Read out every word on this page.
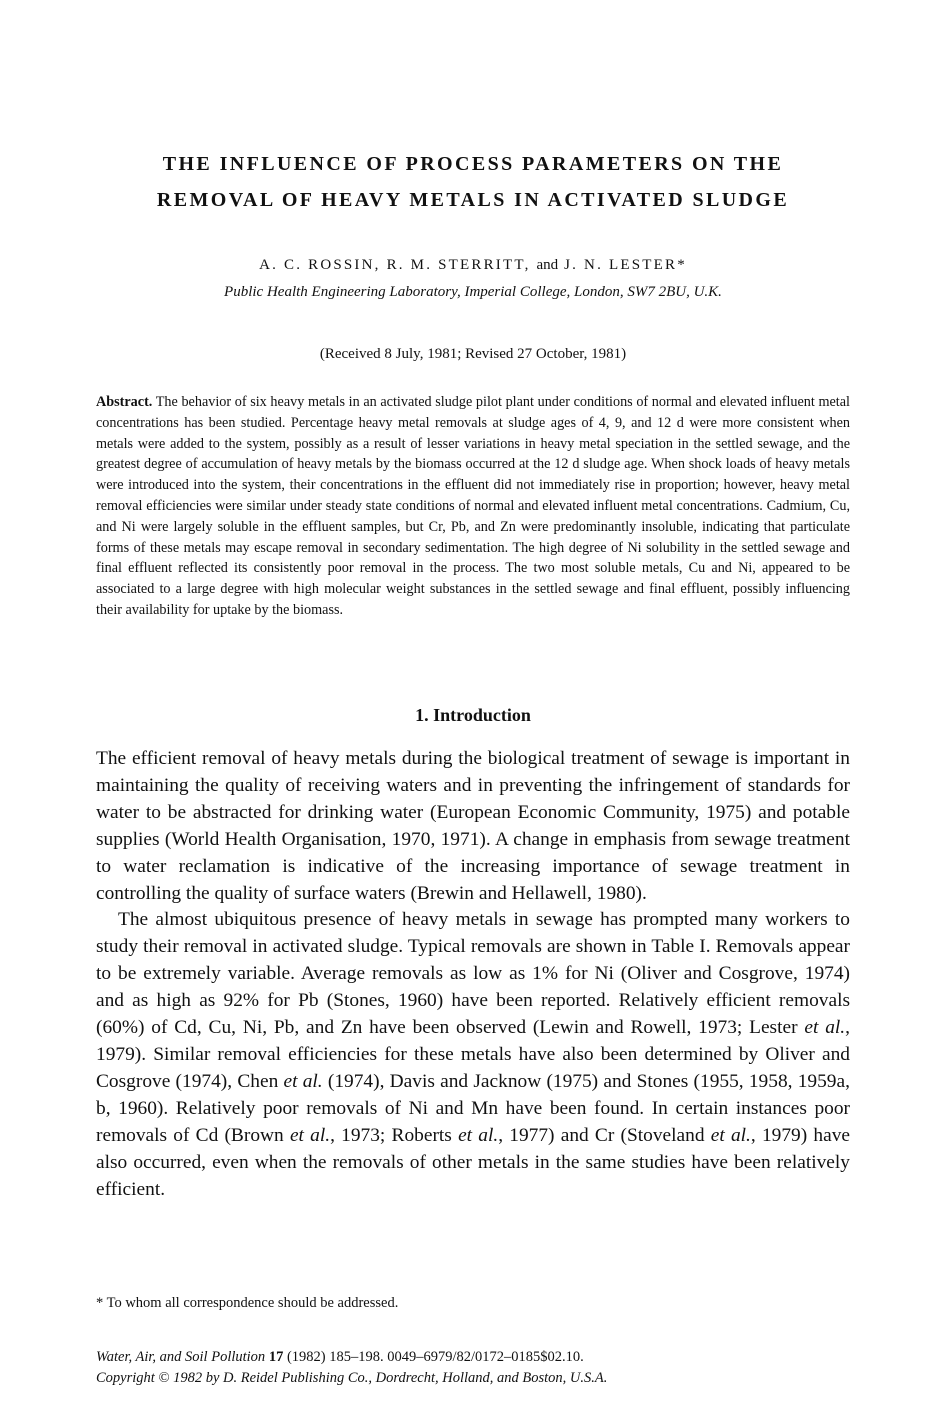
THE INFLUENCE OF PROCESS PARAMETERS ON THE
REMOVAL OF HEAVY METALS IN ACTIVATED SLUDGE
A. C. ROSSIN, R. M. STERRITT, and J. N. LESTER*
Public Health Engineering Laboratory, Imperial College, London, SW7 2BU, U.K.
(Received 8 July, 1981; Revised 27 October, 1981)

Abstract. The behavior of six heavy metals in an activated sludge pilot plant under conditions of normal and elevated influent metal concentrations has been studied. Percentage heavy metal removals at sludge ages of 4, 9, and 12 d were more consistent when metals were added to the system, possibly as a result of lesser variations in heavy metal speciation in the settled sewage, and the greatest degree of accumulation of heavy metals by the biomass occurred at the 12 d sludge age. When shock loads of heavy metals were introduced into the system, their concentrations in the effluent did not immediately rise in proportion; however, heavy metal removal efficiencies were similar under steady state conditions of normal and elevated influent metal concentrations. Cadmium, Cu, and Ni were largely soluble in the effluent samples, but Cr, Pb, and Zn were predominantly insoluble, indicating that particulate forms of these metals may escape removal in secondary sedimentation. The high degree of Ni solubility in the settled sewage and final effluent reflected its consistently poor removal in the process. The two most soluble metals, Cu and Ni, appeared to be associated to a large degree with high molecular weight substances in the settled sewage and final effluent, possibly influencing their availability for uptake by the biomass.

1. Introduction

The efficient removal of heavy metals during the biological treatment of sewage is important in maintaining the quality of receiving waters and in preventing the infringement of standards for water to be abstracted for drinking water (European Economic Community, 1975) and potable supplies (World Health Organisation, 1970, 1971). A change in emphasis from sewage treatment to water reclamation is indicative of the increasing importance of sewage treatment in controlling the quality of surface waters (Brewin and Hellawell, 1980).

The almost ubiquitous presence of heavy metals in sewage has prompted many workers to study their removal in activated sludge. Typical removals are shown in Table I. Removals appear to be extremely variable. Average removals as low as 1% for Ni (Oliver and Cosgrove, 1974) and as high as 92% for Pb (Stones, 1960) have been reported. Relatively efficient removals (60%) of Cd, Cu, Ni, Pb, and Zn have been observed (Lewin and Rowell, 1973; Lester et al., 1979). Similar removal efficiencies for these metals have also been determined by Oliver and Cosgrove (1974), Chen et al. (1974), Davis and Jacknow (1975) and Stones (1955, 1958, 1959a, b, 1960). Relatively poor removals of Ni and Mn have been found. In certain instances poor removals of Cd (Brown et al., 1973; Roberts et al., 1977) and Cr (Stoveland et al., 1979) have also occurred, even when the removals of other metals in the same studies have been relatively efficient.

* To whom all correspondence should be addressed.
Water, Air, and Soil Pollution 17 (1982) 185–198. 0049–6979/82/0172–0185$02.10.
Copyright © 1982 by D. Reidel Publishing Co., Dordrecht, Holland, and Boston, U.S.A.
